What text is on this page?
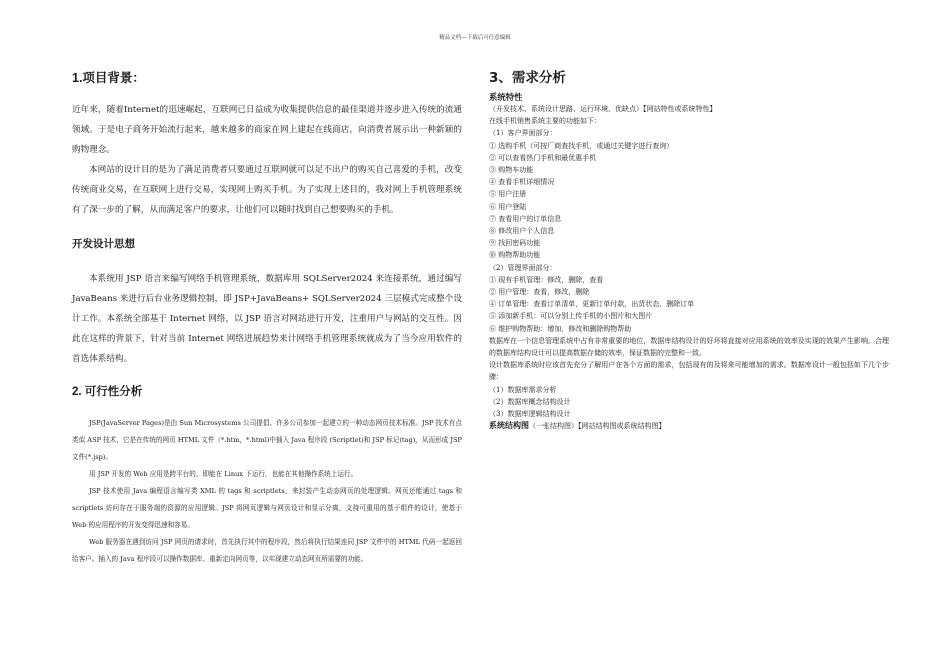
精品文档---下载后可任意编辑
1.项目背景：

近年来，随着Internet的迅速崛起，互联网已日益成为收集提供信息的最佳渠道并逐步进入传统的流通领域。于是电子商务开始流行起来，越来越多的商家在网上建起在线商店，向消费者展示出一种新颖的购物理念。

本网站的设计目的是为了满足消费者只要通过互联网就可以足不出户的购买自己喜爱的手机，改变传统商业交易，在互联网上进行交易，实现网上购买手机。为了实现上述目的，我对网上手机管理系统有了深一步的了解，从而满足客户的要求，让他们可以随时找到自己想要购买的手机。

开发设计思想

本系统用 JSP 语言来编写网络手机管理系统，数据库用 SQLServer2024 来连接系统，通过编写 JavaBeans 来进行后台业务逻辑控制，即 JSP+JavaBeans+ SQLServer2024 三层模式完成整个设计工作。本系统全部基于 Internet 网络，以 JSP 语言对网站进行开发，注重用户与网站的交互性。因此在这样的背景下，针对当前 Internet 网络进展趋势来计网络手机管理系统就成为了当今应用软件的首选体系结构。

2. 可行性分析

JSP(JavaServer Pages)是由 Sun Microsystems 公司提倡、许多公司参加一起建立的一种动态网页技术标准。JSP 技术有点类似 ASP 技术，它是在传统的网页 HTML 文件（*.htm，*.html)中插入 Java 程序段 (Scriptlet)和 JSP 标记(tag)，从而形成 JSP 文件(*.jsp)。

用 JSP 开发的 Web 应用是跨平台的，即能在 Linux 下运行，也能在其他操作系统上运行。

JSP 技术使用 Java 编程语言编写类 XML 的 tags 和 scriptlets，来封装产生动态网页的处理逻辑。网页还能通过 tags 和　scriptlets 访问存在于服务端的资源的应用逻辑。JSP 将网页逻辑与网页设计和显示分离，支持可重用的基于组件的设计，使基于 Web 的应用程序的开发变得迅速和容易。

Web 服务器在遇到访问 JSP 网页的请求时，首先执行其中的程序段，然后将执行结果连同 JSP 文件中的 HTML 代码一起返回给客户。插入的 Java 程序段可以操作数据库、重新定向网页等，以实现建立动态网页所需要的功能。

3、需求分析
系统特性

（开发技术、系统设计思路、运行环境、优缺点）【网站特性或系统特性】

在线手机销售系统主要的功能如下：

（1）客户界面部分：

① 选购手机（可按厂商查找手机，或通过关键字进行查询）

② 可以查看热门手机和最优惠手机

③ 购物车功能

④ 查看手机详细情况

⑤ 用户注册

⑥ 用户登陆

⑦ 查看用户的订单信息

⑧ 修改用户个人信息

⑨ 找回密码功能

⑩ 购物帮助功能

（2）管理界面部分：

① 现有手机管理：修改，删除，查看

② 用户管理：查看，修改，删除

④ 订单管理：查看订单清单，更新订单付款，出货状态，删除订单

⑤ 添加新手机：可以分别上传手机的小图片和大图片

⑥ 维护购物帮助：增加，修改和删除购物帮助

数据库在一个信息管理系统中占有非常重要的地位，数据库结构设计的好坏将直接对应用系统的效率及实现的效果产生影响。合理的数据库结构设计可以提高数据存储的效率，保证数据的完整和一致。

设计数据库系统时应该首先充分了解用户在各个方面的需求，包括现有的及将来可能增加的需求。数据库设计一般包括如下几个步骤：

（1）数据库需求分析

（2）数据库概念结构设计

（3）数据库逻辑结构设计

系统结构图（一张结构图）【网站结构图或系统结构图】
